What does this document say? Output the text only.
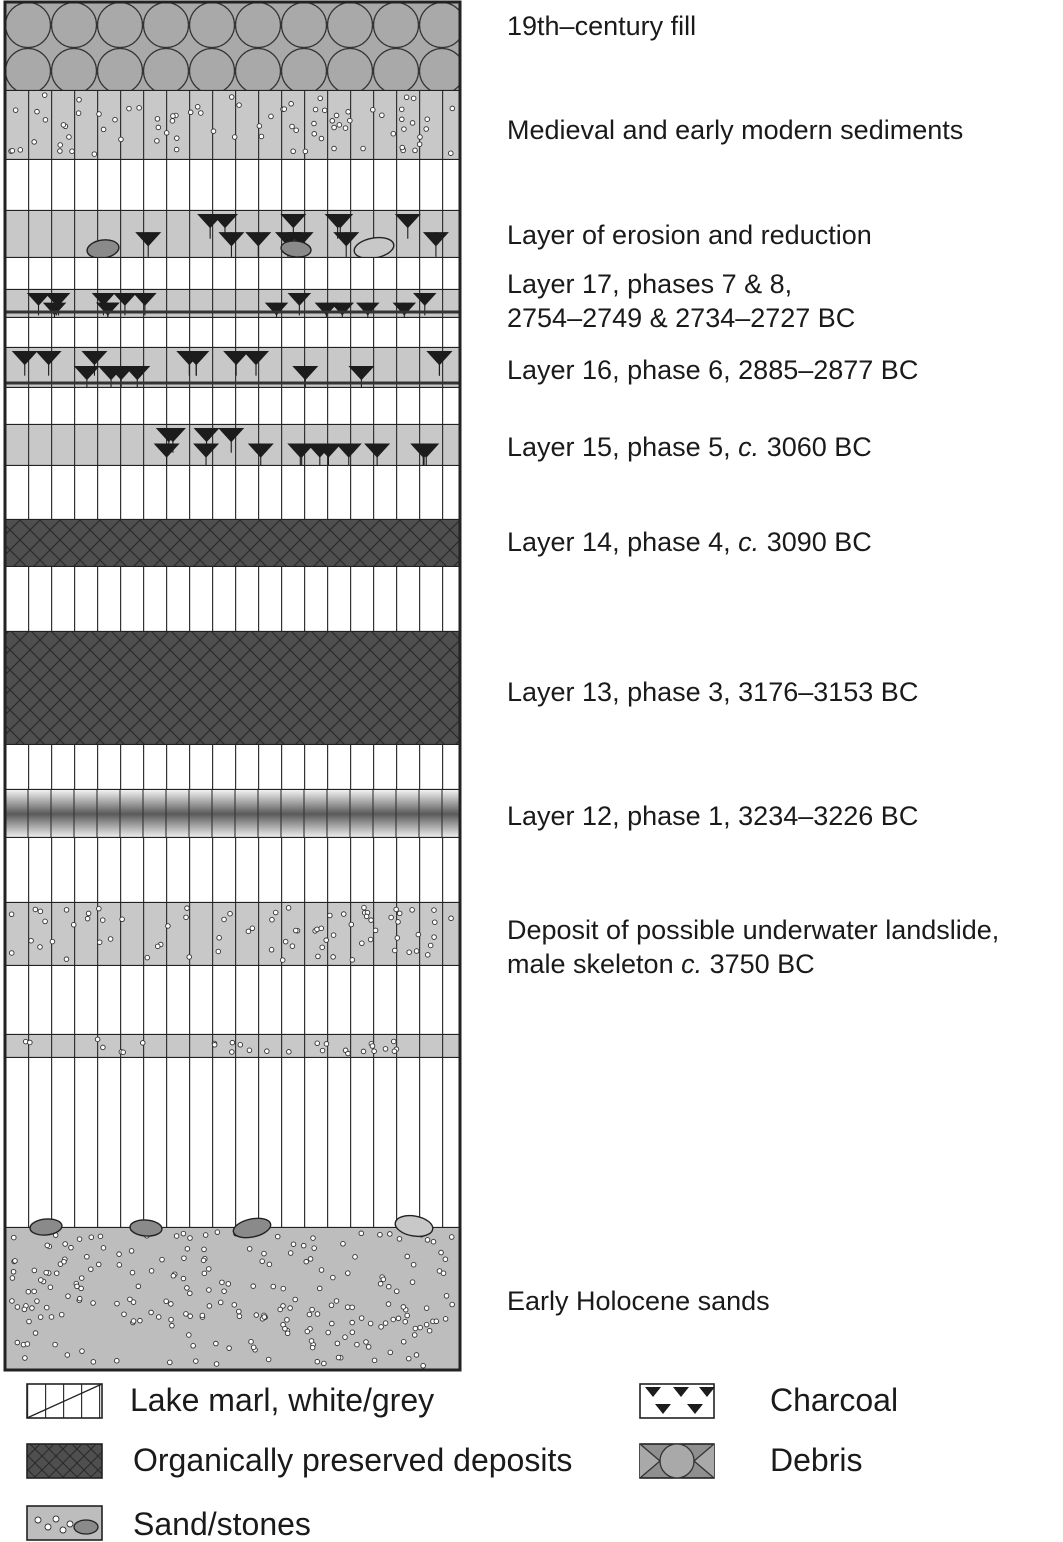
19th–century fill
Medieval and early modern sediments
Layer of erosion and reduction
Layer 17, phases 7 & 8,
2754–2749 & 2734–2727 BC
Layer 16, phase 6, 2885–2877 BC
Layer 15, phase 5, c. 3060 BC
Layer 14, phase 4, c. 3090 BC
Layer 13, phase 3, 3176–3153 BC
Layer 12, phase 1, 3234–3226 BC
Deposit of possible underwater landslide,
male skeleton c. 3750 BC
Early Holocene sands
Lake marl, white/grey
Organically preserved deposits
Sand/stones
Charcoal
Debris
